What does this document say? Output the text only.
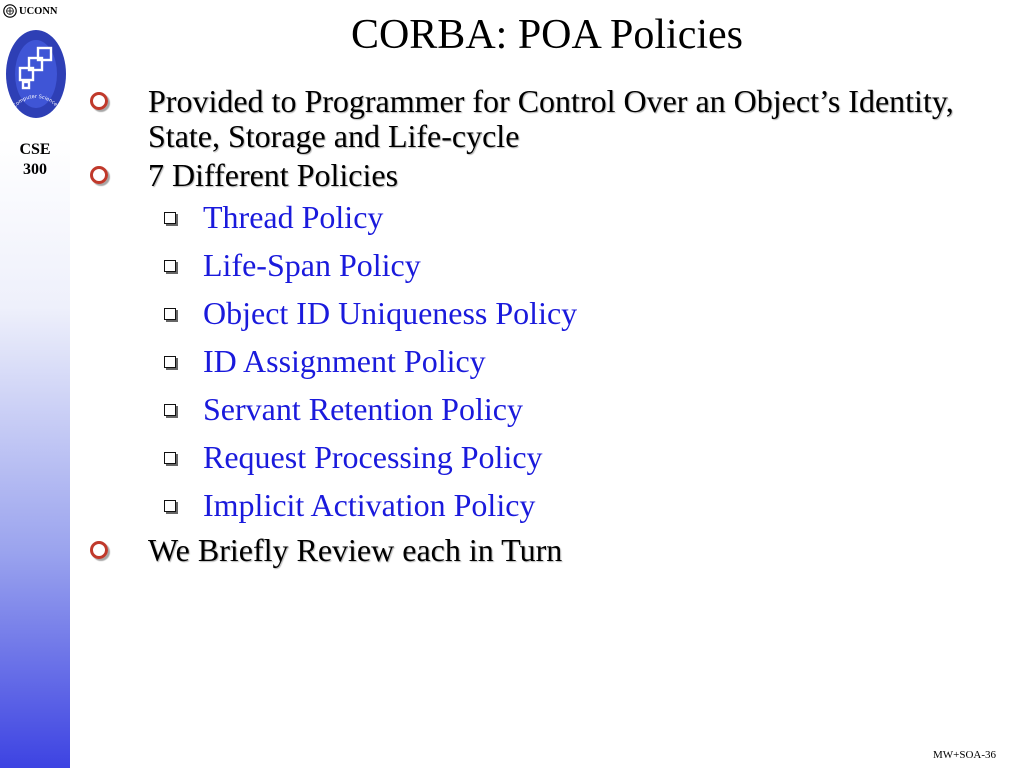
UCONN
Computer Science
CSE
300
CORBA: POA Policies
Provided to Programmer for Control Over an Object’s Identity, State, Storage and Life-cycle
7 Different Policies
Thread Policy
Life-Span Policy
Object ID Uniqueness Policy
ID Assignment Policy
Servant Retention Policy
Request Processing Policy
Implicit Activation Policy
We Briefly Review each in Turn
MW+SOA-36
